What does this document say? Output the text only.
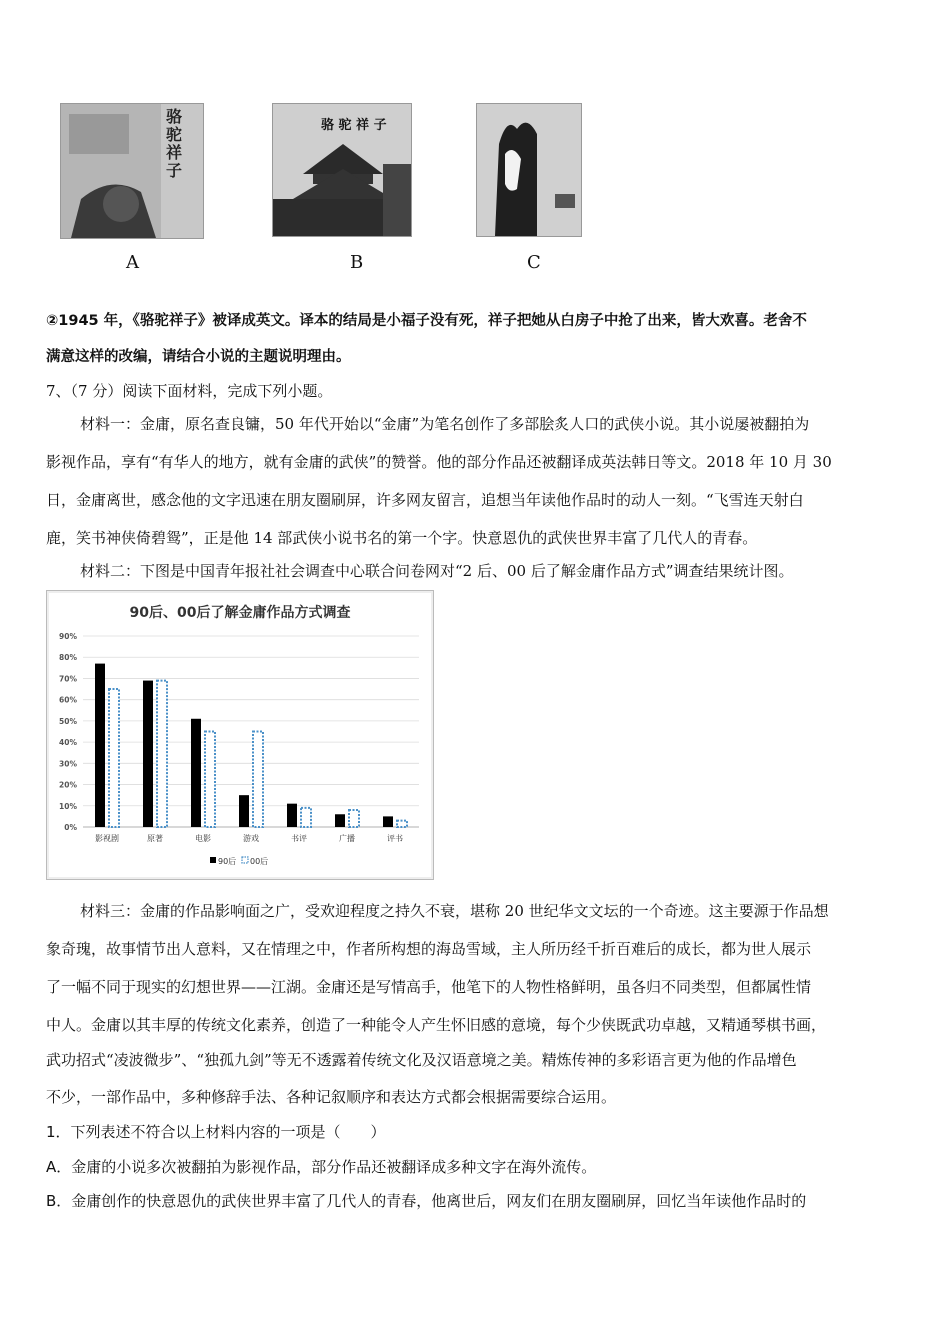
骆驼祥子
A
骆 驼 祥 子
B	C
②1945 年，《骆驼祥子》被译成英文。译本的结局是小福子没有死，祥子把她从白房子中抢了出来，皆大欢喜。老舍不
满意这样的改编，请结合小说的主题说明理由。
7、（7 分）阅读下面材料，完成下列小题。
材料一：金庸，原名查良镛，50 年代开始以“金庸”为笔名创作了多部脍炙人口的武侠小说。其小说屡被翻拍为
影视作品，享有“有华人的地方，就有金庸的武侠”的赞誉。他的部分作品还被翻译成英法韩日等文。2018 年 10 月 30
日，金庸离世，感念他的文字迅速在朋友圈刷屏，许多网友留言，追想当年读他作品时的动人一刻。“飞雪连天射白
鹿，笑书神侠倚碧鸳”，正是他 14 部武侠小说书名的第一个字。快意恩仇的武侠世界丰富了几代人的青春。
材料二：下图是中国青年报社社会调查中心联合问卷网对“2 后、00 后了解金庸作品方式”调查结果统计图。
90后、00后了解金庸作品方式调查
0%
10%
20%
30%
40%
50%
60%
70%
80%
90%
影视剧	原著	电影	游戏	书评	广播	评书
90后 00后
材料三：金庸的作品影响面之广，受欢迎程度之持久不衰，堪称 20 世纪华文文坛的一个奇迹。这主要源于作品想
象奇瑰，故事情节出人意料，又在情理之中，作者所构想的海岛雪域，主人所历经千折百难后的成长，都为世人展示
了一幅不同于现实的幻想世界——江湖。金庸还是写情高手，他笔下的人物性格鲜明，虽各归不同类型，但都属性情
中人。金庸以其丰厚的传统文化素养，创造了一种能令人产生怀旧感的意境，每个少侠既武功卓越，又精通琴棋书画，
武功招式“凌波微步”、“独孤九剑”等无不透露着传统文化及汉语意境之美。精炼传神的多彩语言更为他的作品增色
不少，一部作品中，多种修辞手法、各种记叙顺序和表达方式都会根据需要综合运用。
1．下列表述不符合以上材料内容的一项是（　　）
A．金庸的小说多次被翻拍为影视作品，部分作品还被翻译成多种文字在海外流传。
B．金庸创作的快意恩仇的武侠世界丰富了几代人的青春，他离世后，网友们在朋友圈刷屏，回忆当年读他作品时的
